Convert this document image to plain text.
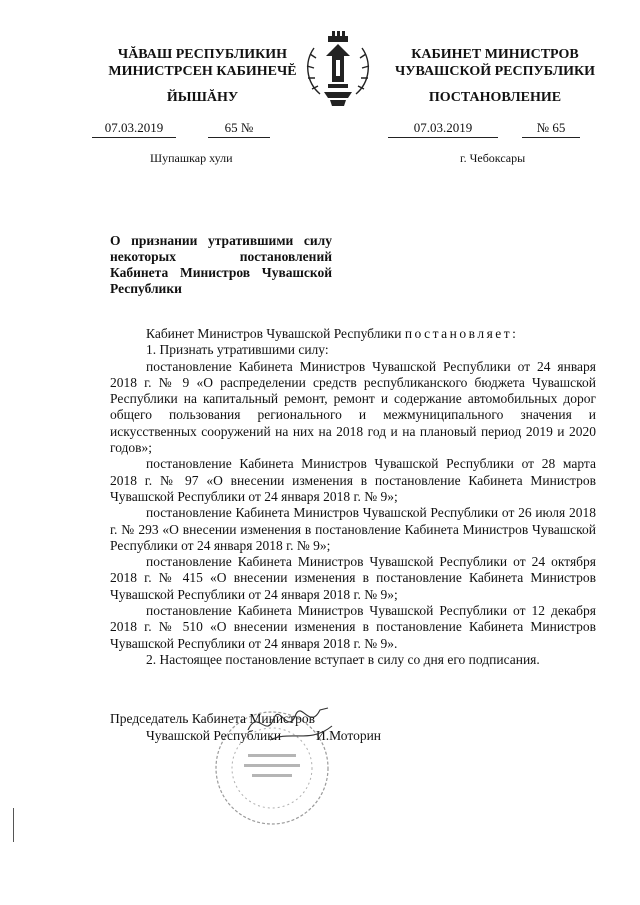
ЧĂВАШ РЕСПУБЛИКИН
МИНИСТРСЕН КАБИНЕЧĔ
ЙЫШĂНУ
КАБИНЕТ МИНИСТРОВ
ЧУВАШСКОЙ РЕСПУБЛИКИ
ПОСТАНОВЛЕНИЕ
07.03.2019	65 №	07.03.2019	№ 65
Шупашкар хули	г. Чебоксары
О признании утратившими силу некоторых постановлений Кабинета Министров Чувашской Республики

Кабинет Министров Чувашской Республики постановляет:

1. Признать утратившими силу:

постановление Кабинета Министров Чувашской Республики от 24 января 2018 г. № 9 «О распределении средств республиканского бюджета Чувашской Республики на капитальный ремонт, ремонт и содержание автомобильных дорог общего пользования регионального и межмуниципального значения и искусственных сооружений на них на 2018 год и на плановый период 2019 и 2020 годов»;

постановление Кабинета Министров Чувашской Республики от 28 марта 2018 г. № 97 «О внесении изменения в постановление Кабинета Министров Чувашской Республики от 24 января 2018 г. № 9»;

постановление Кабинета Министров Чувашской Республики от 26 июля 2018 г. № 293 «О внесении изменения в постановление Кабинета Министров Чувашской Республики от 24 января 2018 г. № 9»;

постановление Кабинета Министров Чувашской Республики от 24 октября 2018 г. № 415 «О внесении изменения в постановление Кабинета Министров Чувашской Республики от 24 января 2018 г. № 9»;

постановление Кабинета Министров Чувашской Республики от 12 декабря 2018 г. № 510 «О внесении изменения в постановление Кабинета Министров Чувашской Республики от 24 января 2018 г. № 9».

2. Настоящее постановление вступает в силу со дня его подписания.

Председатель Кабинета Министров
Чувашской Республики	И.Моторин
